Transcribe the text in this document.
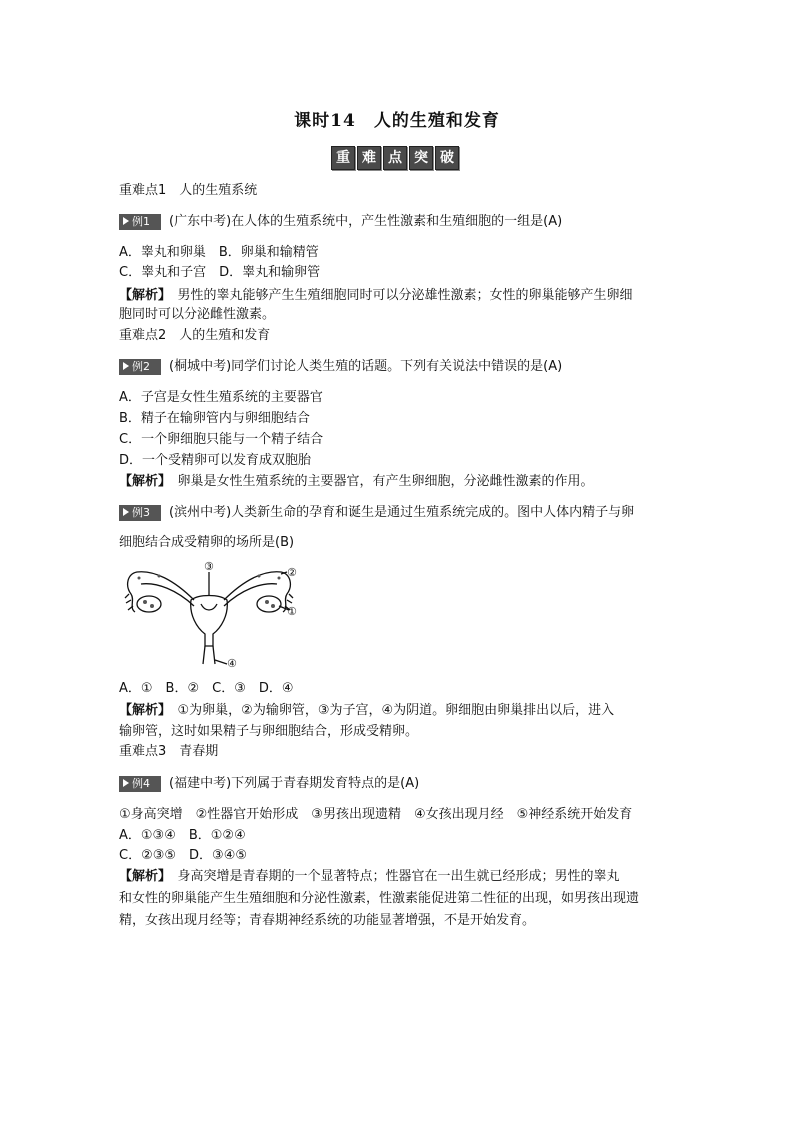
课时14　人的生殖和发育
重 难 点 突 破
重难点1　人的生殖系统
例1 (广东中考)在人体的生殖系统中，产生性激素和生殖细胞的一组是(A)
A．睾丸和卵巢　B．卵巢和输精管
C．睾丸和子宫　D．睾丸和输卵管
【解析】　 男性的睾丸能够产生生殖细胞同时可以分泌雄性激素；女性的卵巢能够产生卵细
胞同时可以分泌雌性激素。
重难点2　人的生殖和发育
例2 (桐城中考)同学们讨论人类生殖的话题。下列有关说法中错误的是(A)
A．子宫是女性生殖系统的主要器官
B．精子在输卵管内与卵细胞结合
C．一个卵细胞只能与一个精子结合
D．一个受精卵可以发育成双胞胎
【解析】　 卵巢是女性生殖系统的主要器官，有产生卵细胞，分泌雌性激素的作用。
例3 (滨州中考)人类新生命的孕育和诞生是通过生殖系统完成的。图中人体内精子与卵
细胞结合成受精卵的场所是(B)
③	②
①
④
A．①　B．②　C．③　D．④
【解析】　 ①为卵巢，②为输卵管，③为子宫，④为阴道。卵细胞由卵巢排出以后，进入
输卵管，这时如果精子与卵细胞结合，形成受精卵。
重难点3　青春期
例4 (福建中考)下列属于青春期发育特点的是(A)
①身高突增　②性器官开始形成　③男孩出现遗精　④女孩出现月经　⑤神经系统开始发育
A．①③④　B．①②④
C．②③⑤　D．③④⑤
【解析】　 身高突增是青春期的一个显著特点；性器官在一出生就已经形成；男性的睾丸
和女性的卵巢能产生生殖细胞和分泌性激素，性激素能促进第二性征的出现，如男孩出现遗
精，女孩出现月经等；青春期神经系统的功能显著增强，不是开始发育。
